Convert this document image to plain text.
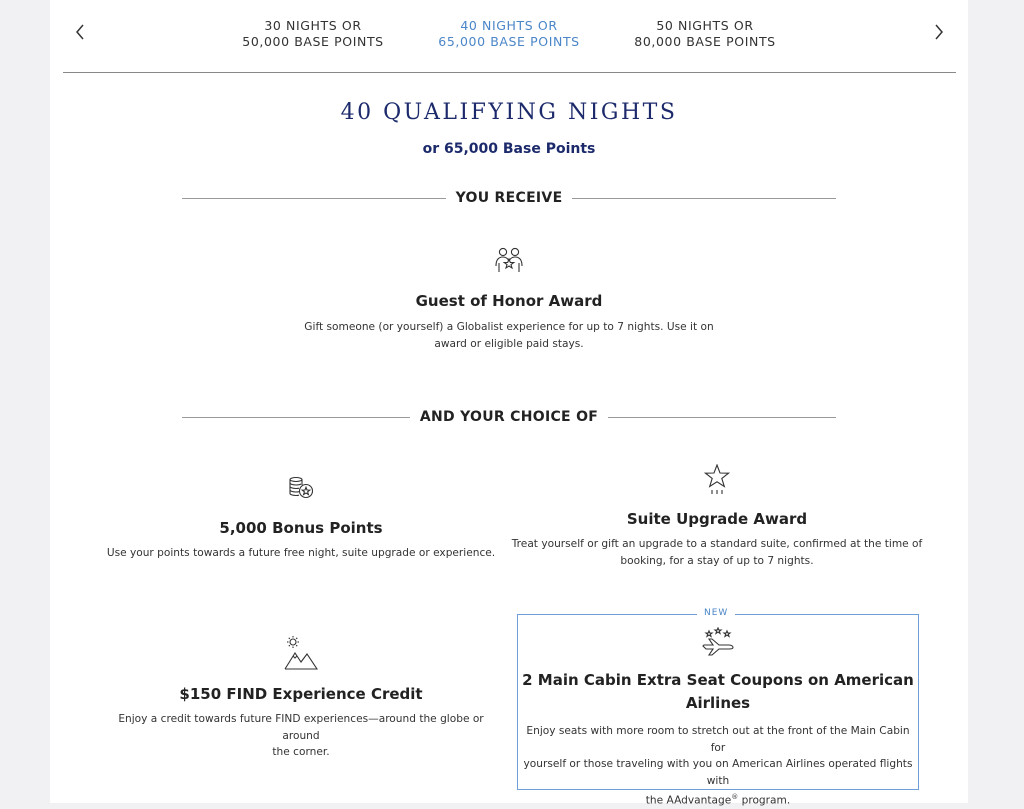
30 NIGHTS OR
50,000 BASE POINTS
40 NIGHTS OR
65,000 BASE POINTS
50 NIGHTS OR
80,000 BASE POINTS
40 QUALIFYING NIGHTS
or 65,000 Base Points
YOU RECEIVE
Guest of Honor Award

Gift someone (or yourself) a Globalist experience for up to 7 nights. Use it on
award or eligible paid stays.

AND YOUR CHOICE OF
5,000 Bonus Points

Use your points towards a future free night, suite upgrade or experience.

Suite Upgrade Award

Treat yourself or gift an upgrade to a standard suite, confirmed at the time of
booking, for a stay of up to 7 nights.

$150 FIND Experience Credit

Enjoy a credit towards future FIND experiences—around the globe or around
the corner.

NEW
2 Main Cabin Extra Seat Coupons on American
Airlines

Enjoy seats with more room to stretch out at the front of the Main Cabin for
yourself or those traveling with you on American Airlines operated flights with
the AAdvantage® program.
